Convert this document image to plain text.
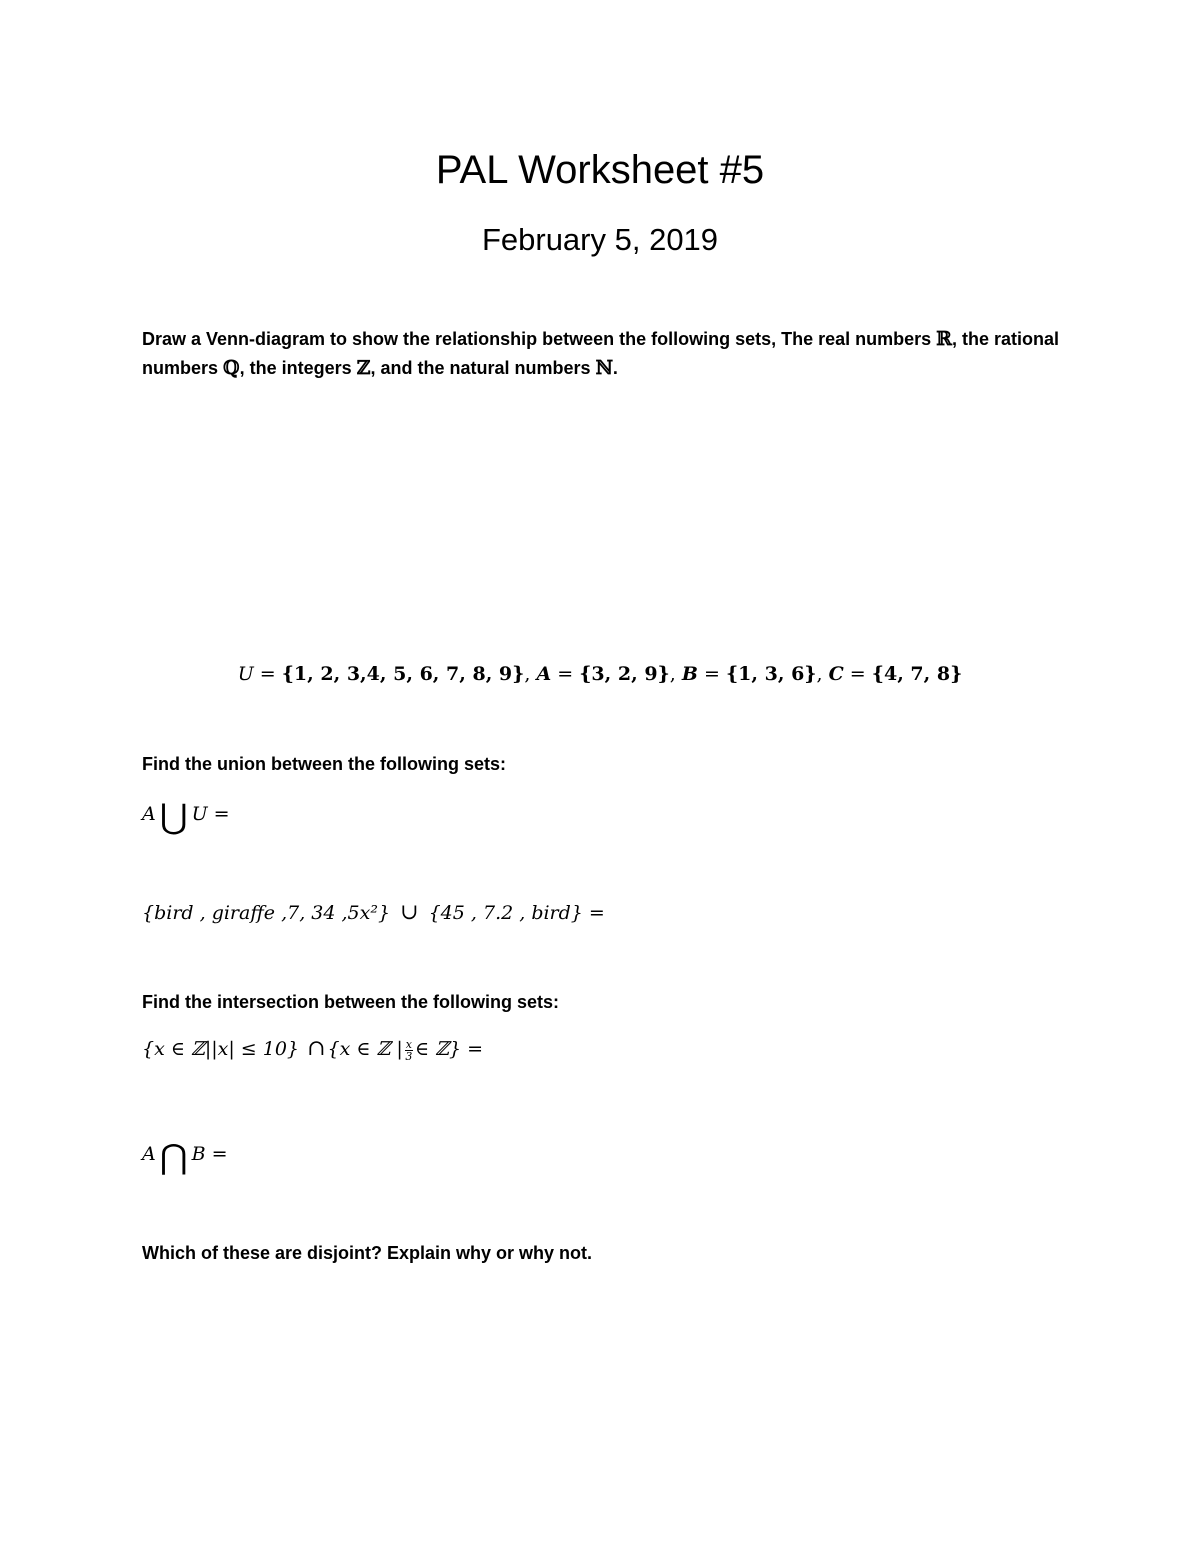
PAL Worksheet #5
February 5, 2019
Draw a Venn-diagram to show the relationship between the following sets, The real numbers ℝ, the rational numbers ℚ, the integers ℤ, and the natural numbers ℕ.
U = {1, 2, 3,4, 5, 6, 7, 8, 9}, A = {3, 2, 9}, B = {1, 3, 6}, C = {4, 7, 8}
Find the union between the following sets:
A ⋃ U =
{bird , giraffe ,7, 34 ,5x²} ∪ {45 , 7.2 , bird} =
Find the intersection between the following sets:
{x ∈ ℤ||x| ≤ 10} ∩ {x ∈ ℤ | $\frac{x}{3}$ ∈ ℤ} =
A ⋂ B =
Which of these are disjoint? Explain why or why not.
